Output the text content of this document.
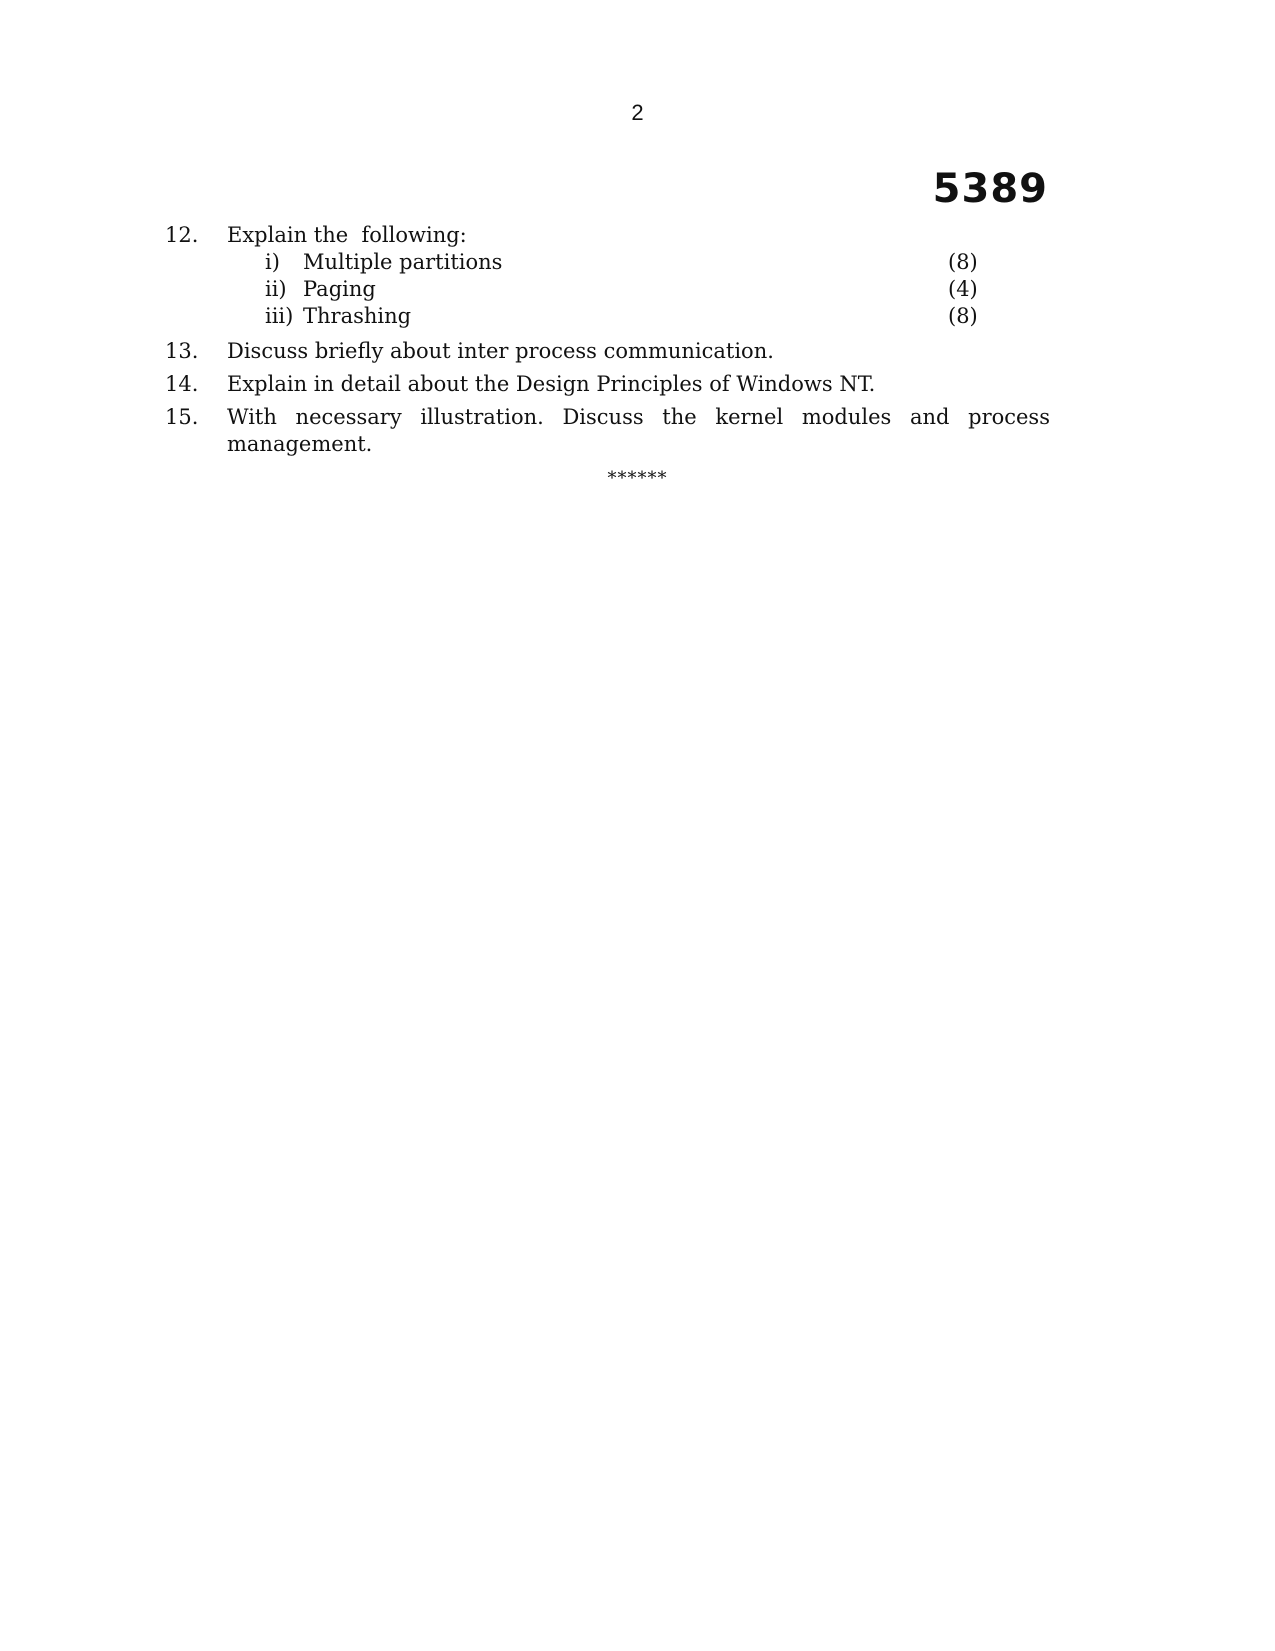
2
5389
12.	Explain the  following:
i)	Multiple partitions	(8)
ii) Paging	(4)
iii) Thrashing	(8)
13.	Discuss briefly about inter process communication.
14.	Explain in detail about the Design Principles of Windows NT.
15.	With necessary illustration. Discuss the kernel modules and process management.
******
